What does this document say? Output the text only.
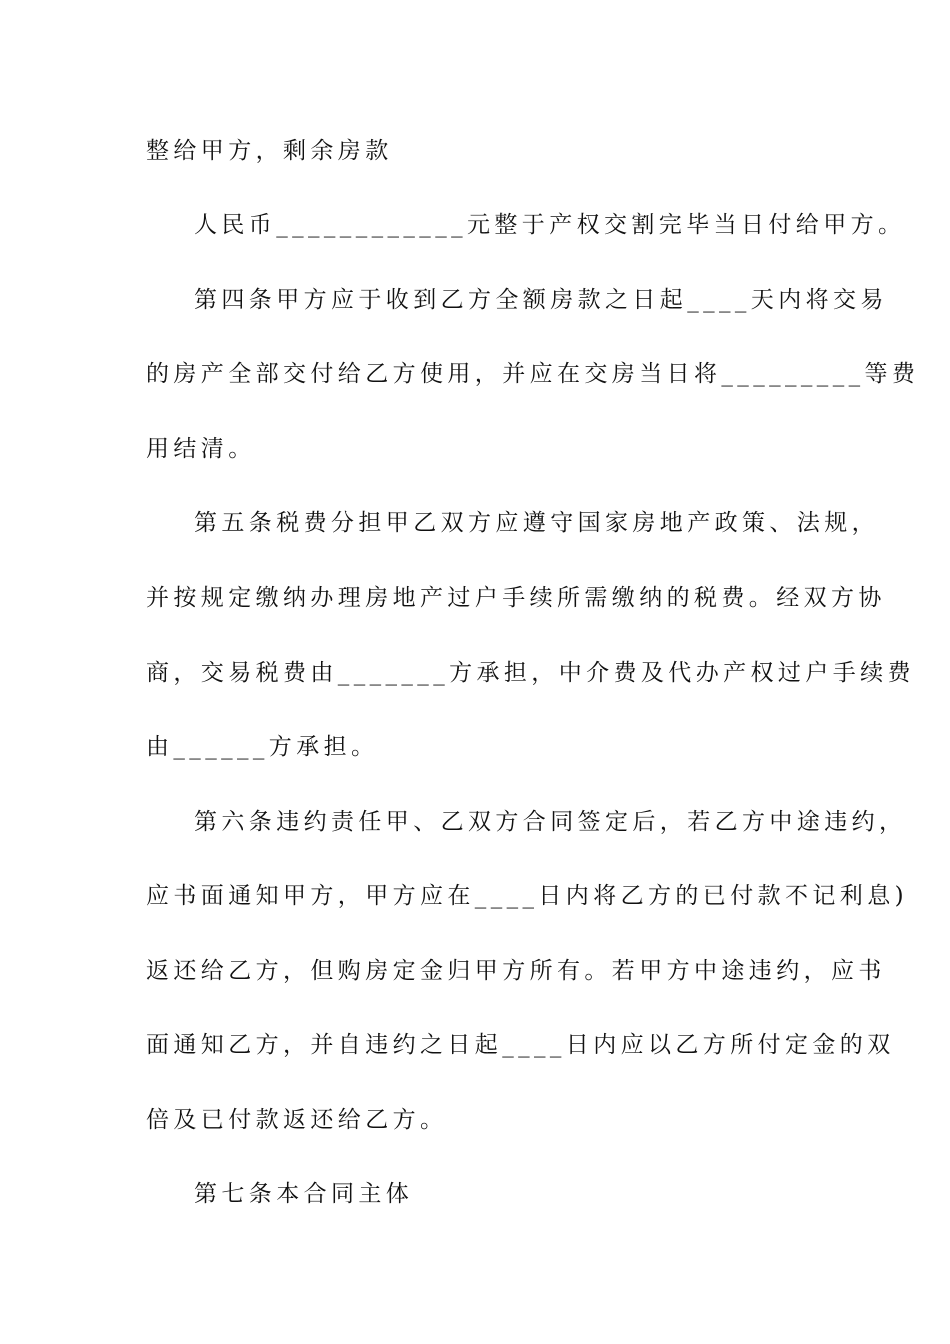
整给甲方，剩余房款
人民币____________元整于产权交割完毕当日付给甲方。
第四条甲方应于收到乙方全额房款之日起____天内将交易
的房产全部交付给乙方使用，并应在交房当日将_________等费
用结清。
第五条税费分担甲乙双方应遵守国家房地产政策、法规，
并按规定缴纳办理房地产过户手续所需缴纳的税费。经双方协
商，交易税费由_______方承担，中介费及代办产权过户手续费
由______方承担。
第六条违约责任甲、乙双方合同签定后，若乙方中途违约，
应书面通知甲方，甲方应在____日内将乙方的已付款不记利息)
返还给乙方，但购房定金归甲方所有。若甲方中途违约，应书
面通知乙方，并自违约之日起____日内应以乙方所付定金的双
倍及已付款返还给乙方。
第七条本合同主体
